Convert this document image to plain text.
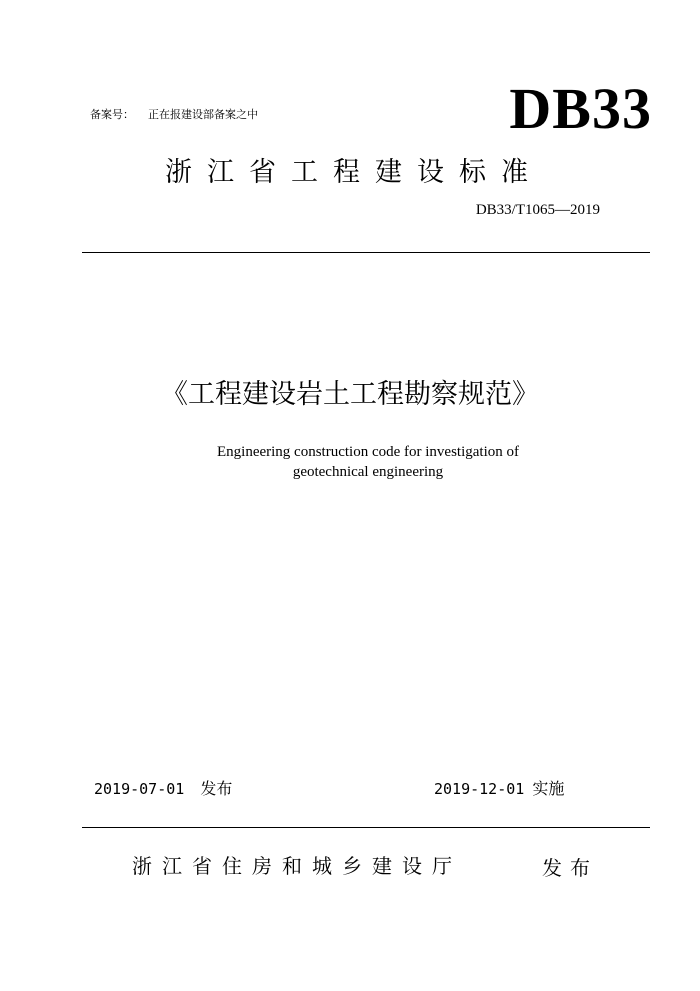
备案号： 正在报建设部备案之中	DB33
浙江省工程建设标准
DB33/T1065—2019
《工程建设岩土工程勘察规范》
Engineering construction code for investigation of
geotechnical engineering
2019-07-01 发布	2019-12-01 实施
浙江省住房和城乡建设厅	发布
